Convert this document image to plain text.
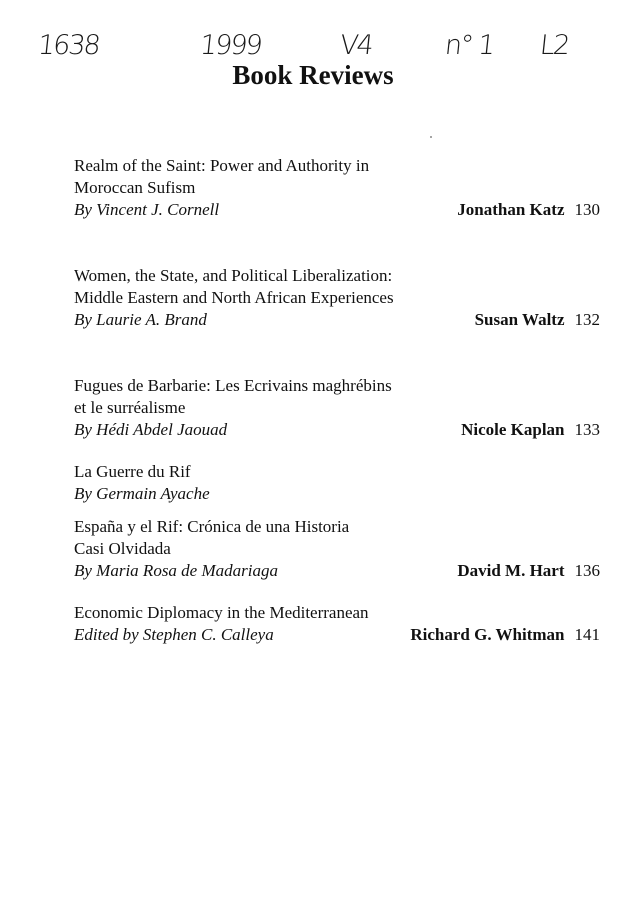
1638	1999	V4	n° 1 L2
Book Reviews
Realm of the Saint: Power and Authority in
Moroccan Sufism
By Vincent J. Cornell	Jonathan Katz 130
Women, the State, and Political Liberalization:
Middle Eastern and North African Experiences
By Laurie A. Brand	Susan Waltz 132
Fugues de Barbarie: Les Ecrivains maghrébins
et le surréalisme
By Hédi Abdel Jaouad	Nicole Kaplan 133
La Guerre du Rif
By Germain Ayache
España y el Rif: Crónica de una Historia
Casi Olvidada
By Maria Rosa de Madariaga	David M. Hart 136
Economic Diplomacy in the Mediterranean
Edited by Stephen C. Calleya	Richard G. Whitman 141
